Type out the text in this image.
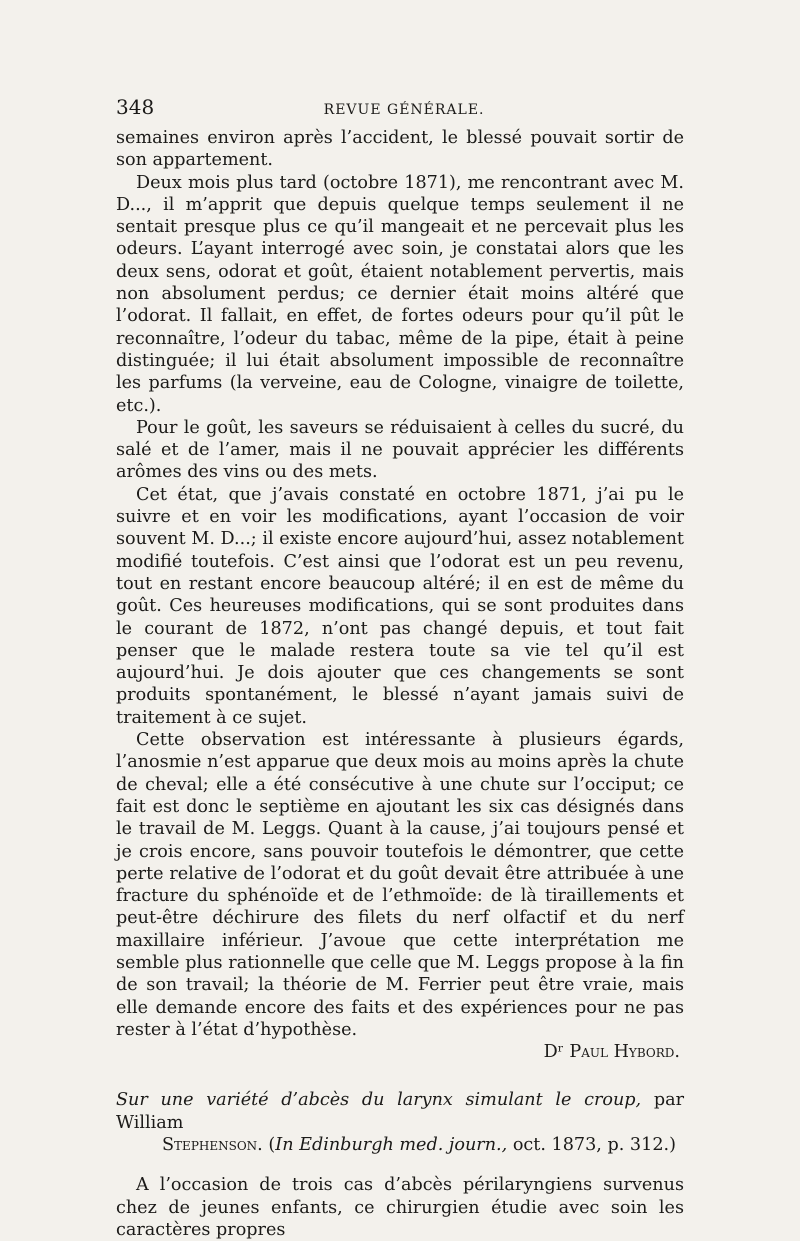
348	REVUE GÉNÉRALE.

semaines environ après l’accident, le blessé pouvait sortir de son appartement.

Deux mois plus tard (octobre 1871), me rencontrant avec M. D..., il m’apprit que depuis quelque temps seulement il ne sentait presque plus ce qu’il mangeait et ne percevait plus les odeurs. L’ayant interrogé avec soin, je constatai alors que les deux sens, odorat et goût, étaient notablement pervertis, mais non absolument perdus; ce dernier était moins altéré que l’odorat. Il fallait, en effet, de fortes odeurs pour qu’il pût le reconnaître, l’odeur du tabac, même de la pipe, était à peine distinguée; il lui était absolument impossible de reconnaître les parfums (la verveine, eau de Cologne, vinaigre de toilette, etc.).

Pour le goût, les saveurs se réduisaient à celles du sucré, du salé et de l’amer, mais il ne pouvait apprécier les différents arômes des vins ou des mets.

Cet état, que j’avais constaté en octobre 1871, j’ai pu le suivre et en voir les modifications, ayant l’occasion de voir souvent M. D...; il existe encore aujourd’hui, assez notablement modifié toutefois. C’est ainsi que l’odorat est un peu revenu, tout en restant encore beaucoup altéré; il en est de même du goût. Ces heureuses modifications, qui se sont produites dans le courant de 1872, n’ont pas changé depuis, et tout fait penser que le malade restera toute sa vie tel qu’il est aujourd’hui. Je dois ajouter que ces changements se sont produits spontanément, le blessé n’ayant jamais suivi de traitement à ce sujet.

Cette observation est intéressante à plusieurs égards, l’anosmie n’est apparue que deux mois au moins après la chute de cheval; elle a été consécutive à une chute sur l’occiput; ce fait est donc le septième en ajoutant les six cas désignés dans le travail de M. Leggs. Quant à la cause, j’ai toujours pensé et je crois encore, sans pouvoir toutefois le démontrer, que cette perte relative de l’odorat et du goût devait être attribuée à une fracture du sphénoïde et de l’ethmoïde: de là tiraillements et peut-être déchirure des filets du nerf olfactif et du nerf maxillaire inférieur. J’avoue que cette interprétation me semble plus rationnelle que celle que M. Leggs propose à la fin de son travail; la théorie de M. Ferrier peut être vraie, mais elle demande encore des faits et des expériences pour ne pas rester à l’état d’hypothèse.

Dʳ Paul Hybord.

Sur une variété d’abcès du larynx simulant le croup, par William
Stephenson. (In Edinburgh med. journ., oct. 1873, p. 312.)

A l’occasion de trois cas d’abcès périlaryngiens survenus chez de jeunes enfants, ce chirurgien étudie avec soin les caractères propres
